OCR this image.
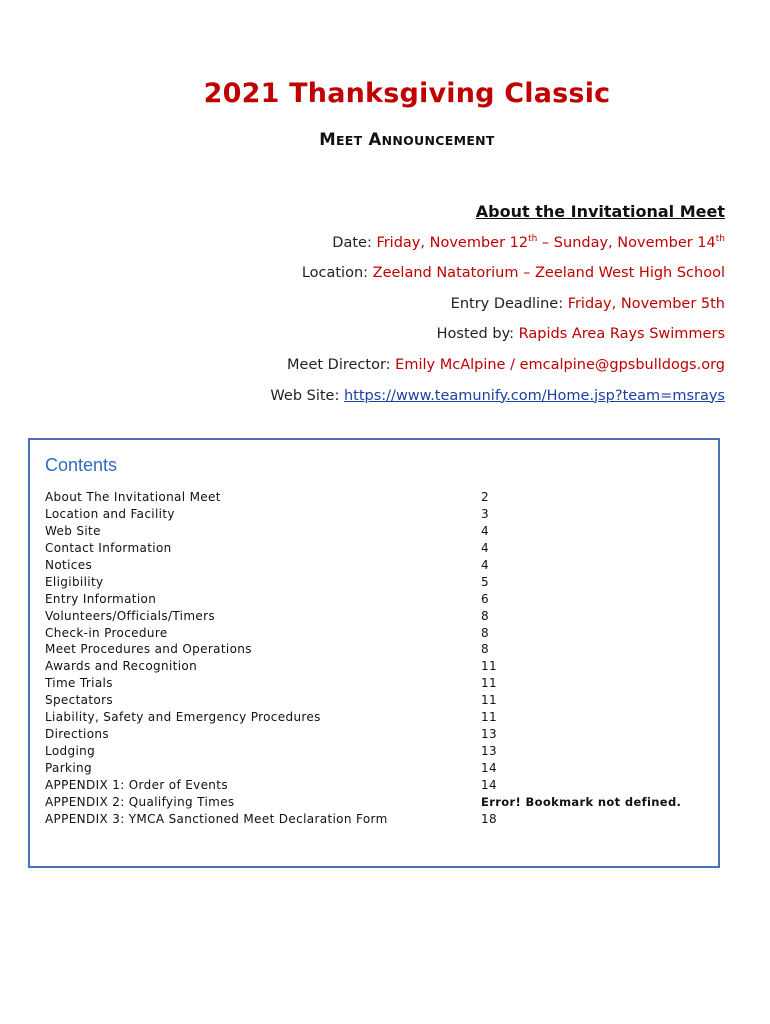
2021 Thanksgiving Classic
MEET ANNOUNCEMENT
About the Invitational Meet
Date: Friday, November 12th – Sunday, November 14th
Location: Zeeland Natatorium – Zeeland West High School
Entry Deadline: Friday, November 5th
Hosted by: Rapids Area Rays Swimmers
Meet Director: Emily McAlpine / emcalpine@gpsbulldogs.org
Web Site: https://www.teamunify.com/Home.jsp?team=msrays
Contents
About The Invitational Meet	2
Location and Facility	3
Web Site	4
Contact Information	4
Notices	4
Eligibility	5
Entry Information	6
Volunteers/Officials/Timers	8
Check-in Procedure	8
Meet Procedures and Operations	8
Awards and Recognition	11
Time Trials	11
Spectators	11
Liability, Safety and Emergency Procedures	11
Directions	13
Lodging	13
Parking	14
APPENDIX 1: Order of Events	14
APPENDIX 2: Qualifying Times	Error! Bookmark not defined.
APPENDIX 3: YMCA Sanctioned Meet Declaration Form	18
